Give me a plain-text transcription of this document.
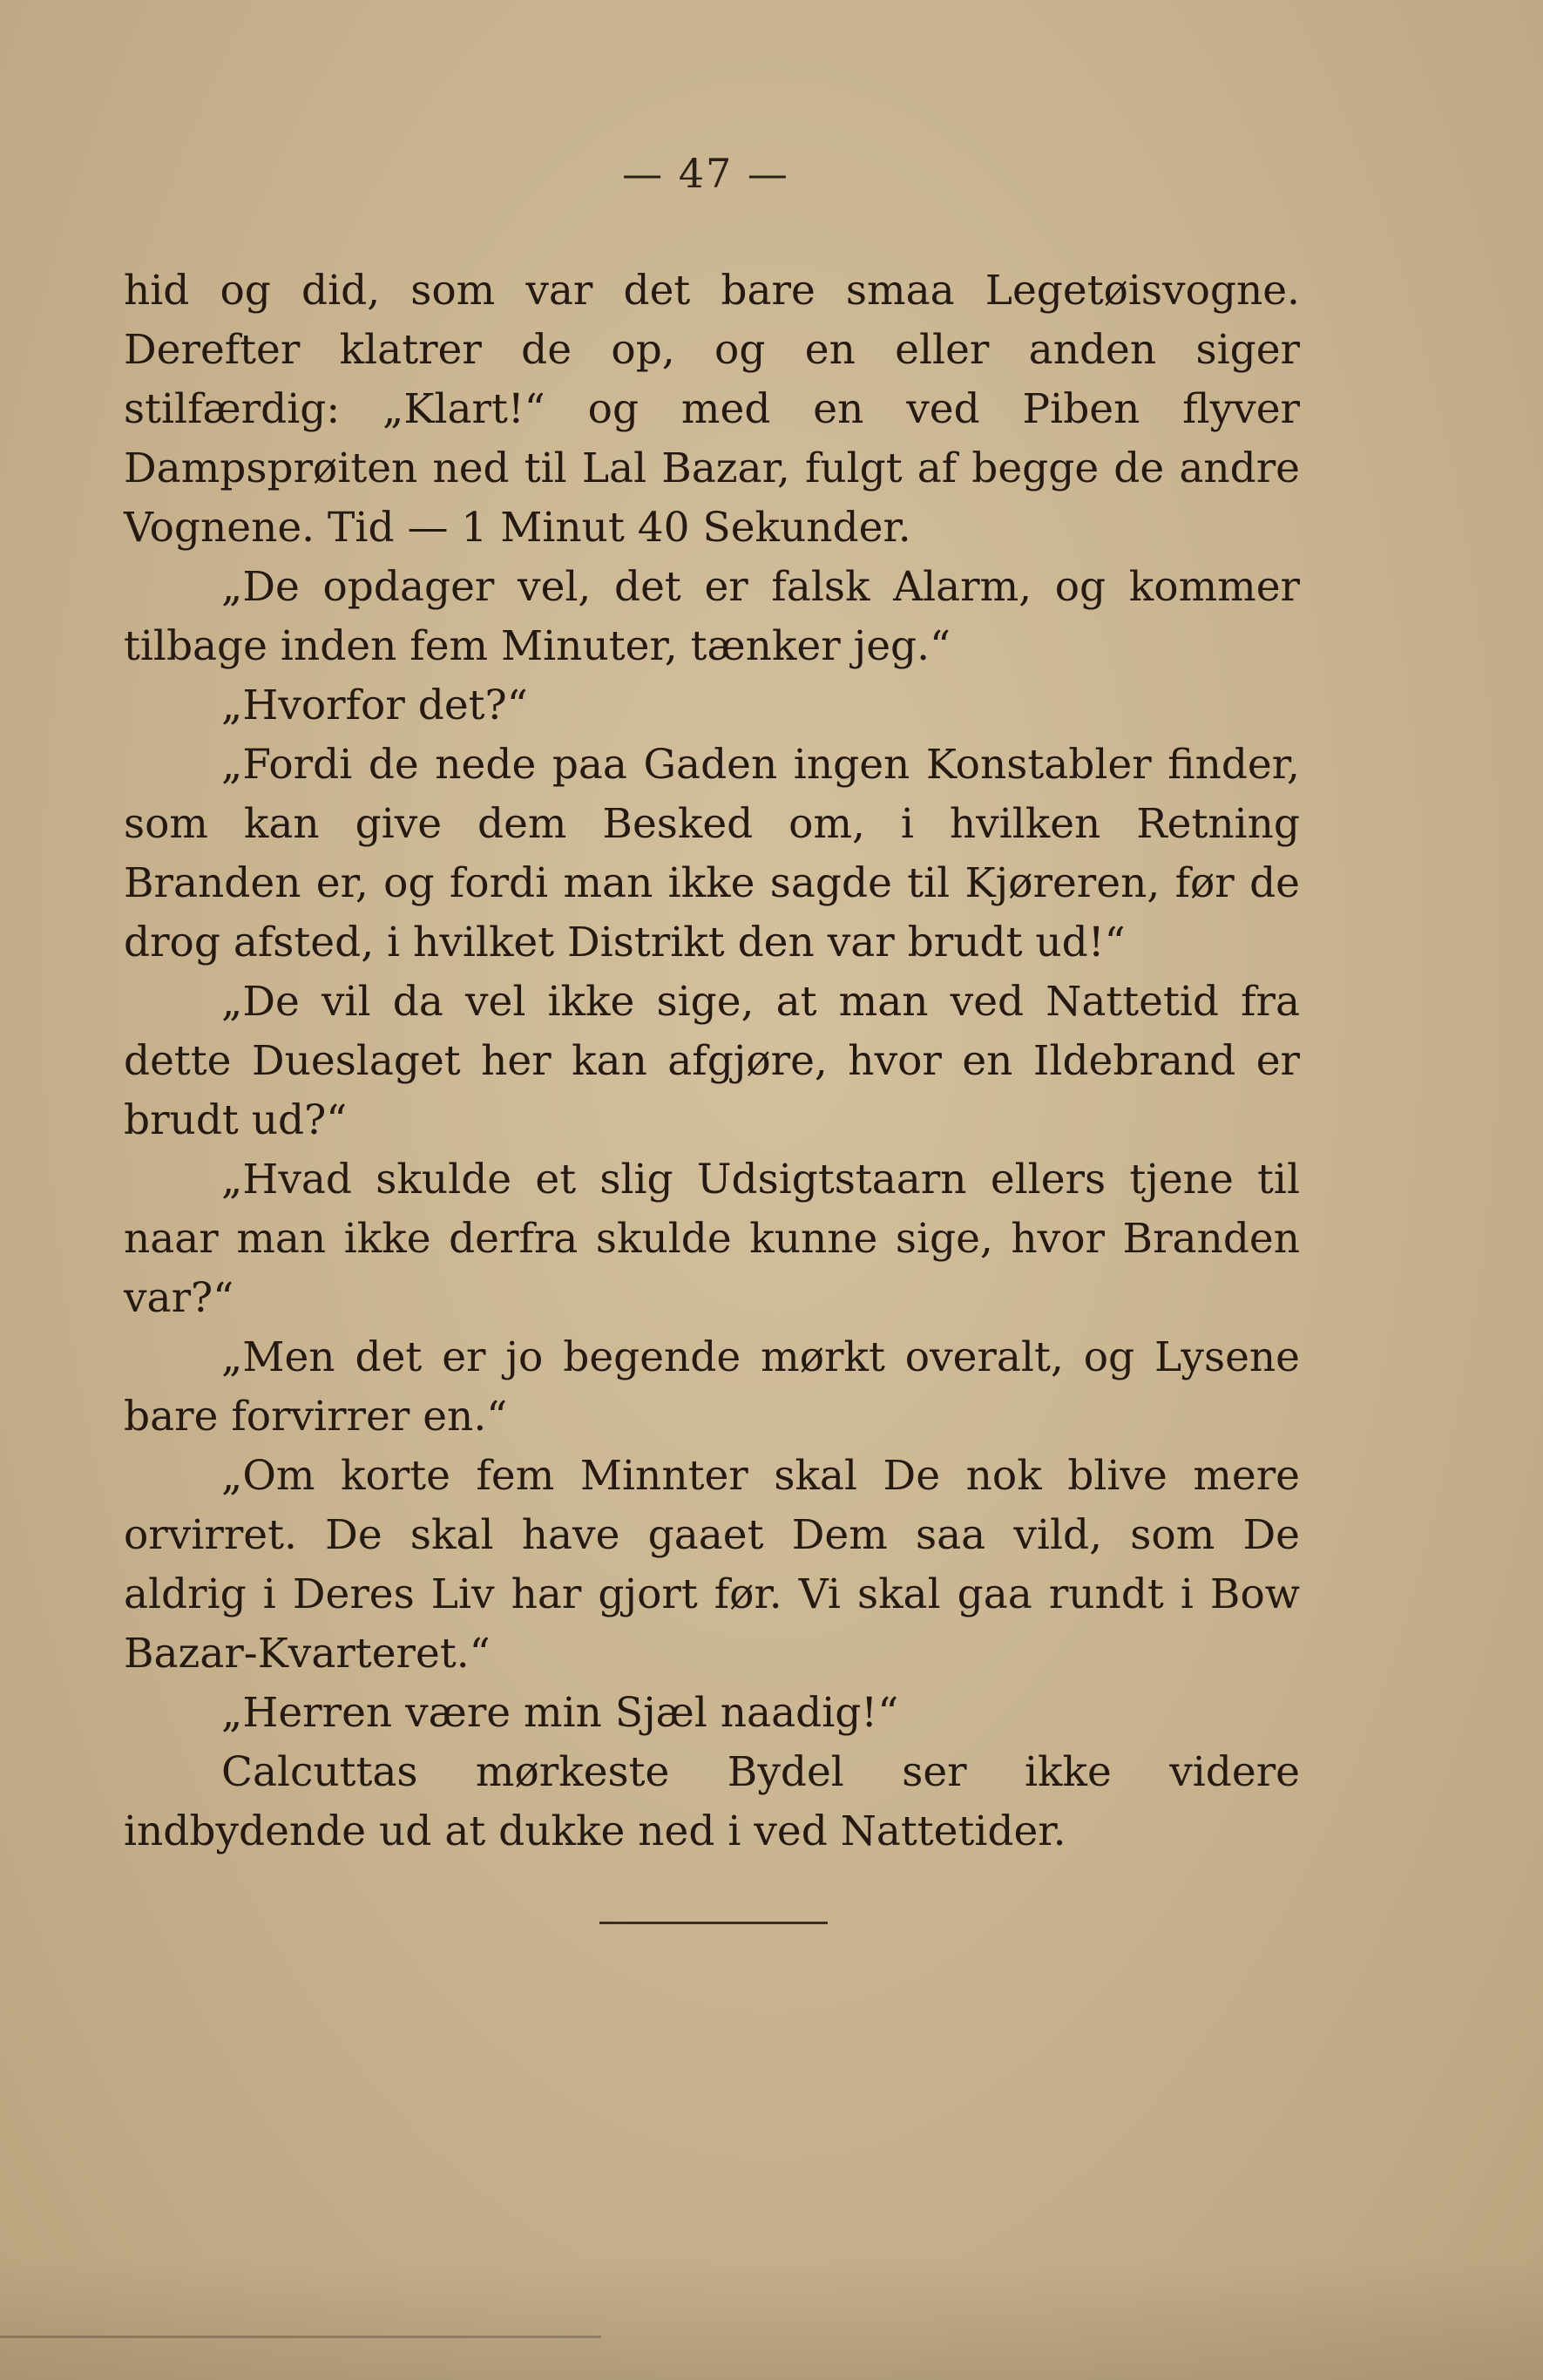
— 47 —

hid og did, som var det bare smaa Legetøisvogne. Derefter klatrer de op, og en eller anden siger stilfærdig: „Klart!“ og med en ved Piben flyver Dampsprøiten ned til Lal Bazar, fulgt af begge de andre Vognene. Tid — 1 Minut 40 Sekunder.

„De opdager vel, det er falsk Alarm, og kommer tilbage inden fem Minuter, tænker jeg.“

„Hvorfor det?“

„Fordi de nede paa Gaden ingen Konstabler finder, som kan give dem Besked om, i hvilken Retning Branden er, og fordi man ikke sagde til Kjøreren, før de drog afsted, i hvilket Distrikt den var brudt ud!“

„De vil da vel ikke sige, at man ved Nattetid fra dette Dueslaget her kan afgjøre, hvor en Ildebrand er brudt ud?“

„Hvad skulde et slig Udsigtstaarn ellers tjene til naar man ikke derfra skulde kunne sige, hvor Branden var?“

„Men det er jo begende mørkt overalt, og Lysene bare forvirrer en.“

„Om korte fem Minnter skal De nok blive mere orvirret. De skal have gaaet Dem saa vild, som De aldrig i Deres Liv har gjort før. Vi skal gaa rundt i Bow Bazar-Kvarteret.“

„Herren være min Sjæl naadig!“

Calcuttas mørkeste Bydel ser ikke videre indbydende ud at dukke ned i ved Nattetider.
